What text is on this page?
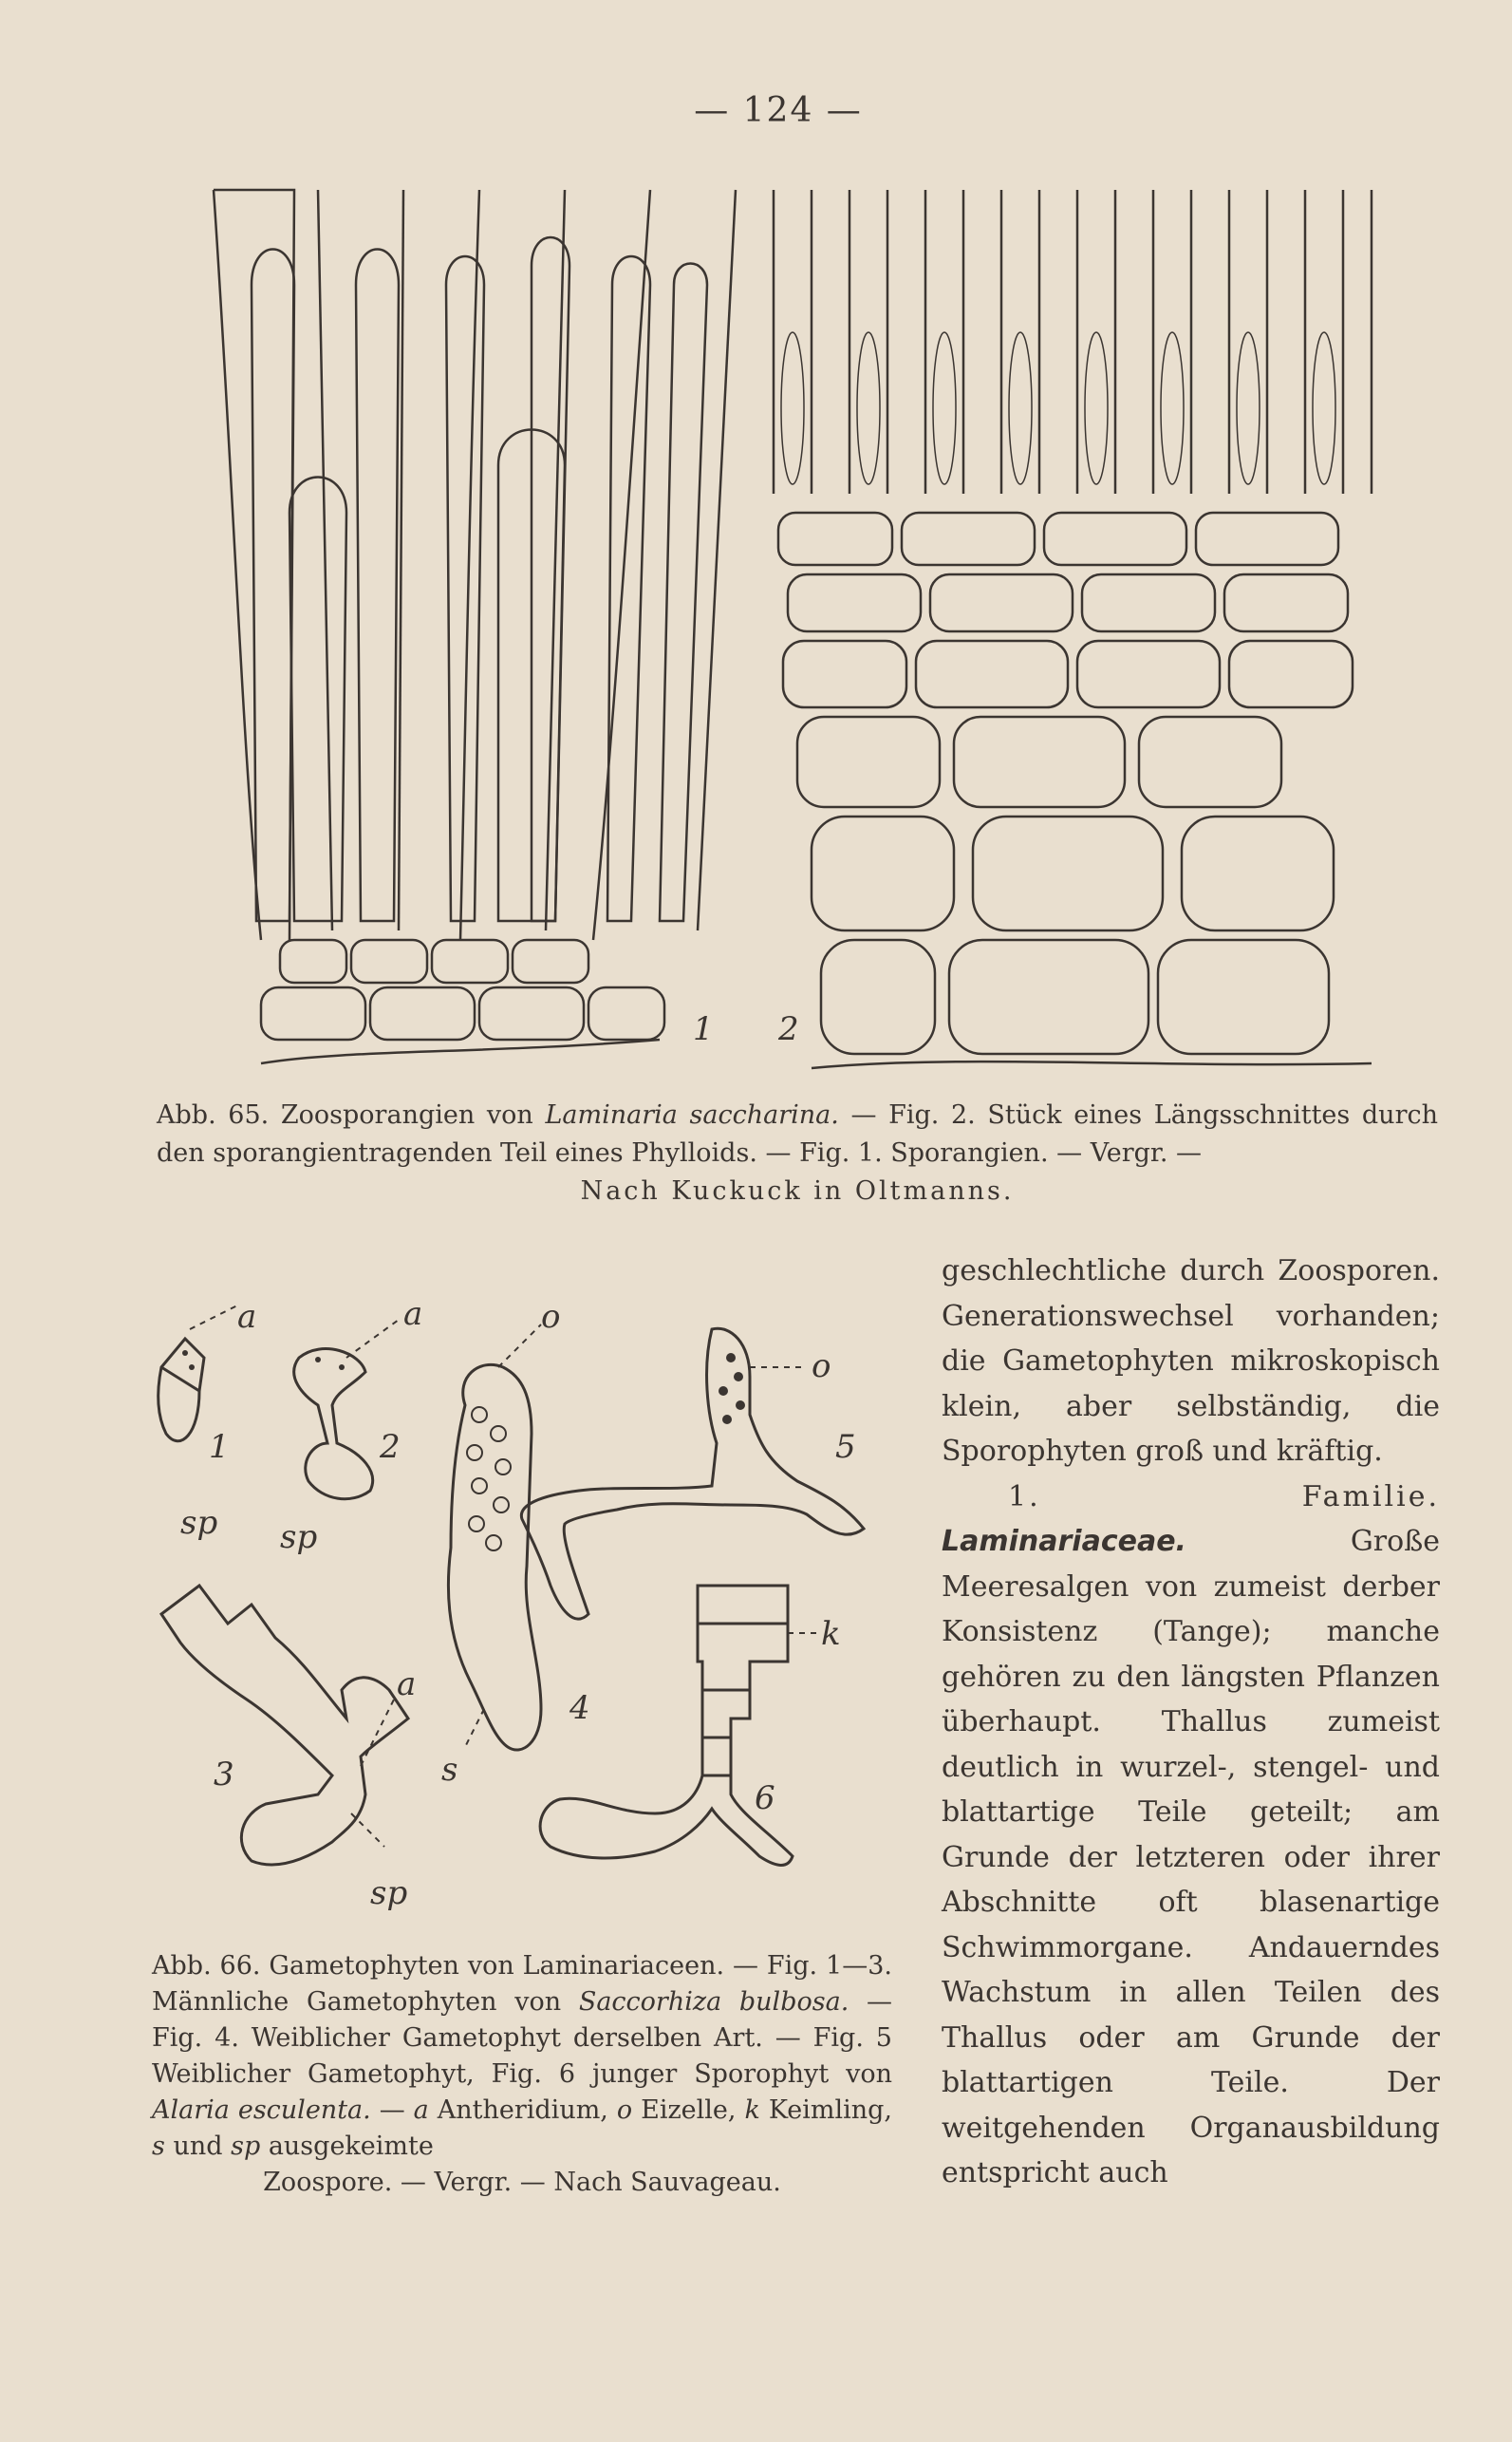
— 124 —
1 2
Abb. 65. Zoosporangien von Laminaria saccharina. — Fig. 2. Stück eines Längsschnittes durch den sporangientragenden Teil eines Phylloids. — Fig. 1. Sporangien. — Vergr. —
Nach Kuckuck in Oltmanns.
a	a	o
o
1	2
sp sp
5
k
3
a
4
s
6
sp
Abb. 66. Gametophyten von Laminariaceen. — Fig. 1—3. Männliche Gametophyten von Saccorhiza bulbosa. — Fig. 4. Weiblicher Gametophyt derselben Art. — Fig. 5 Weiblicher Gametophyt, Fig. 6 junger Sporophyt von Alaria esculenta. — a Antheridium, o Eizelle, k Keimling, s und sp ausgekeimte
Zoospore. — Vergr. — Nach Sauvageau.

geschlechtliche durch Zoosporen. Generationswechsel vorhanden; die Gametophyten mikroskopisch klein, aber selbständig, die Sporophyten groß und kräftig.

1. Familie. Laminariaceae. Große Meeresalgen von zumeist derber Konsistenz (Tange); manche gehören zu den längsten Pflanzen überhaupt. Thallus zumeist deutlich in wurzel-, stengel- und blattartige Teile geteilt; am Grunde der letzteren oder ihrer Abschnitte oft blasenartige Schwimmorgane. Andauerndes Wachstum in allen Teilen des Thallus oder am Grunde der blattartigen Teile. Der weitgehenden Organausbildung entspricht auch
